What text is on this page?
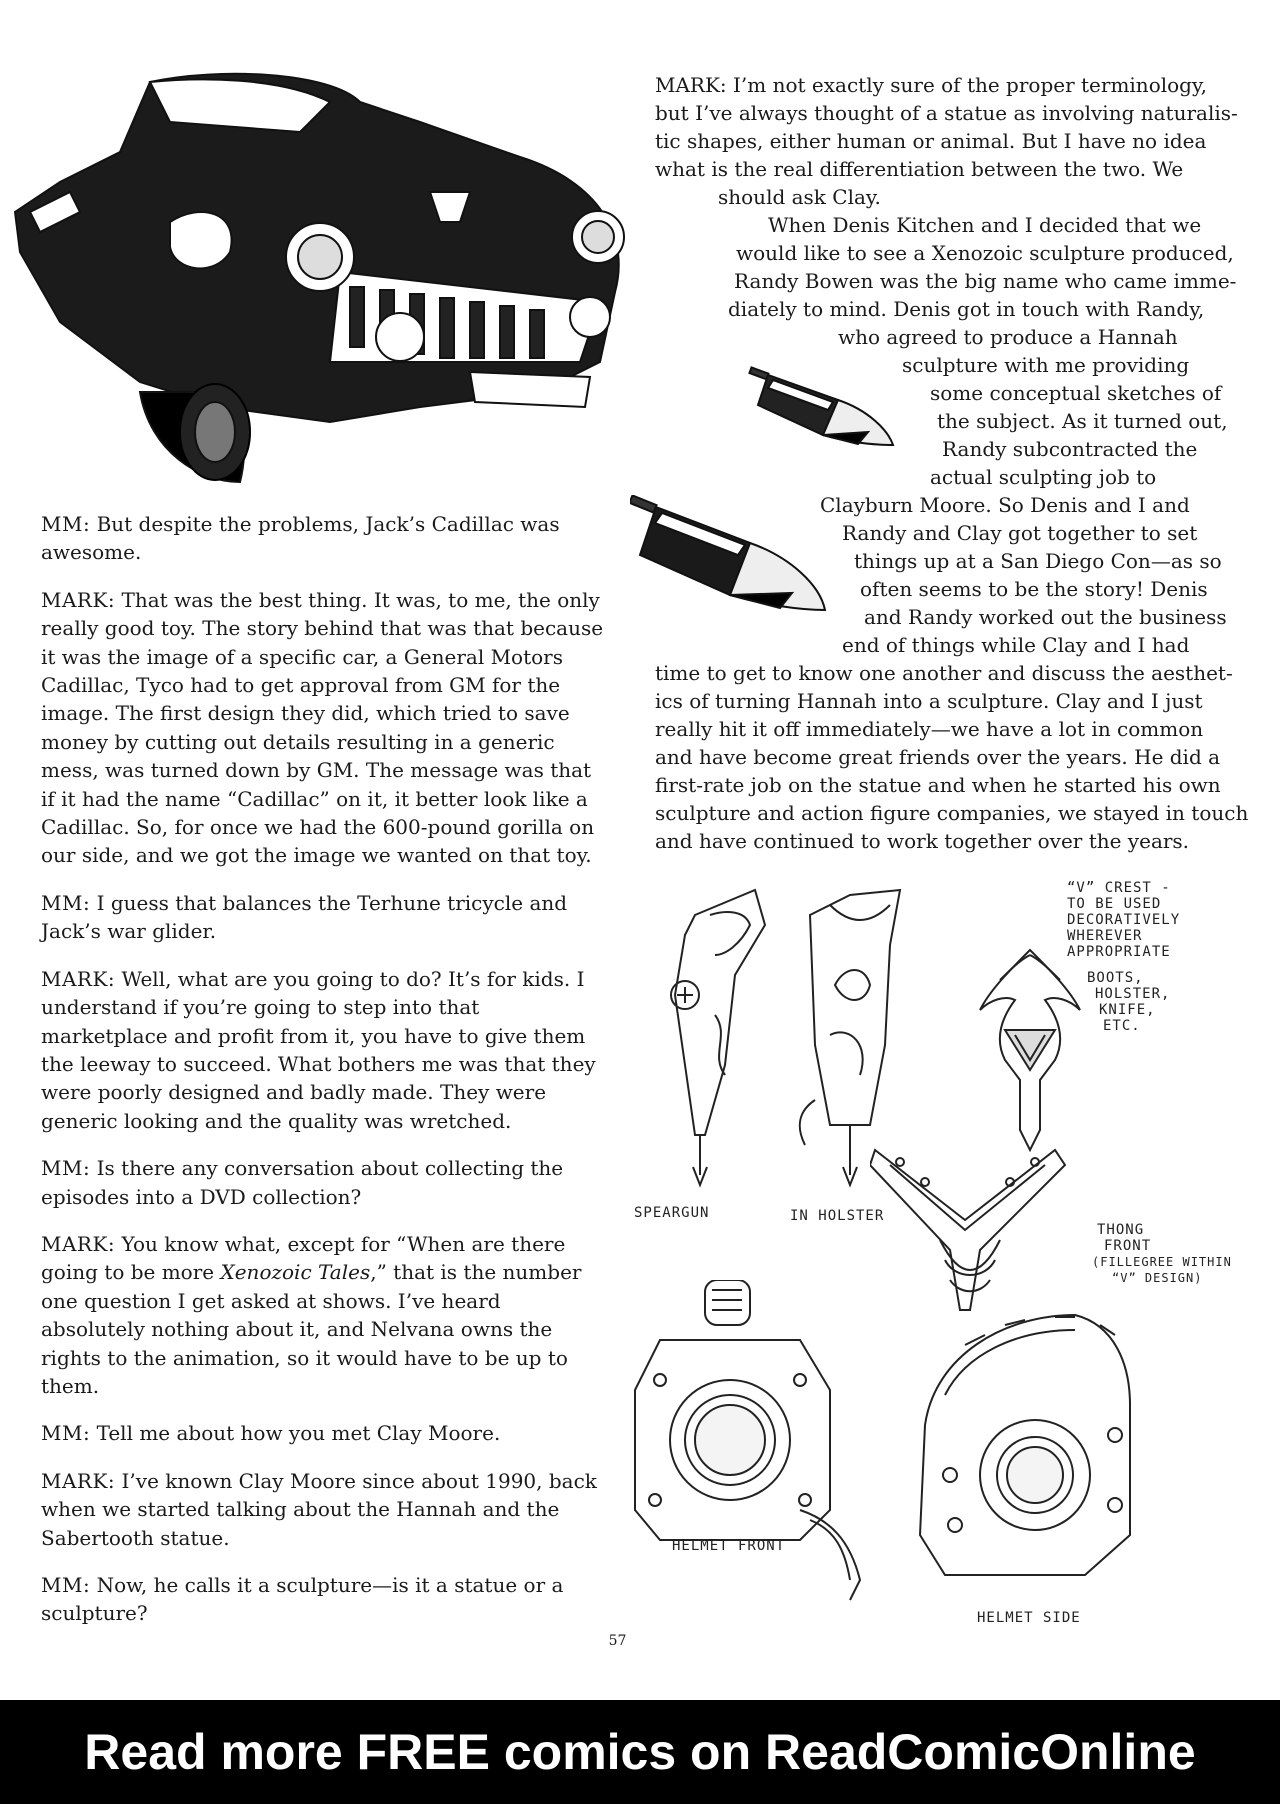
MM: But despite the problems, Jack’s Cadillac was awesome.

MARK: That was the best thing. It was, to me, the only really good toy. The story behind that was that because it was the image of a specific car, a General Motors Cadillac, Tyco had to get approval from GM for the image. The first design they did, which tried to save money by cutting out details resulting in a generic mess, was turned down by GM. The message was that if it had the name “Cadillac” on it, it better look like a Cadillac. So, for once we had the 600-pound gorilla on our side, and we got the image we wanted on that toy.

MM: I guess that balances the Terhune tricycle and Jack’s war glider.

MARK: Well, what are you going to do? It’s for kids. I understand if you’re going to step into that marketplace and profit from it, you have to give them the leeway to succeed. What bothers me was that they were poorly designed and badly made. They were generic looking and the quality was wretched.

MM: Is there any conversation about collecting the episodes into a DVD collection?

MARK: You know what, except for “When are there going to be more Xenozoic Tales,” that is the number one question I get asked at shows. I’ve heard absolutely nothing about it, and Nelvana owns the rights to the animation, so it would have to be up to them.

MM: Tell me about how you met Clay Moore.

MARK: I’ve known Clay Moore since about 1990, back when we started talking about the Hannah and the Sabertooth statue.

MM: Now, he calls it a sculpture—is it a statue or a sculpture?

MARK: I’m not exactly sure of the proper terminology,
but I’ve always thought of a statue as involving naturalis-
tic shapes, either human or animal. But I have no idea
what is the real differentiation between the two. We
should ask Clay.
When Denis Kitchen and I decided that we
would like to see a Xenozoic sculpture produced,
Randy Bowen was the big name who came imme-
diately to mind. Denis got in touch with Randy,
who agreed to produce a Hannah
sculpture with me providing
some conceptual sketches of
the subject. As it turned out,
Randy subcontracted the
actual sculpting job to
Clayburn Moore. So Denis and I and
Randy and Clay got together to set
things up at a San Diego Con—as so
often seems to be the story! Denis
and Randy worked out the business
end of things while Clay and I had
time to get to know one another and discuss the aesthet-
ics of turning Hannah into a sculpture. Clay and I just
really hit it off immediately—we have a lot in common
and have become great friends over the years. He did a
first-rate job on the statue and when he started his own
sculpture and action figure companies, we stayed in touch
and have continued to work together over the years.
SPEARGUN	IN HOLSTER
“V” CREST -
TO BE USED
DECORATIVELY
WHEREVER
APPROPRIATE
BOOTS,
HOLSTER,
KNIFE,
ETC.
THONG
FRONT
(FILLEGREE WITHIN
“V” DESIGN)
HELMET FRONT
HELMET SIDE
57
Read more FREE comics on ReadComicOnline
